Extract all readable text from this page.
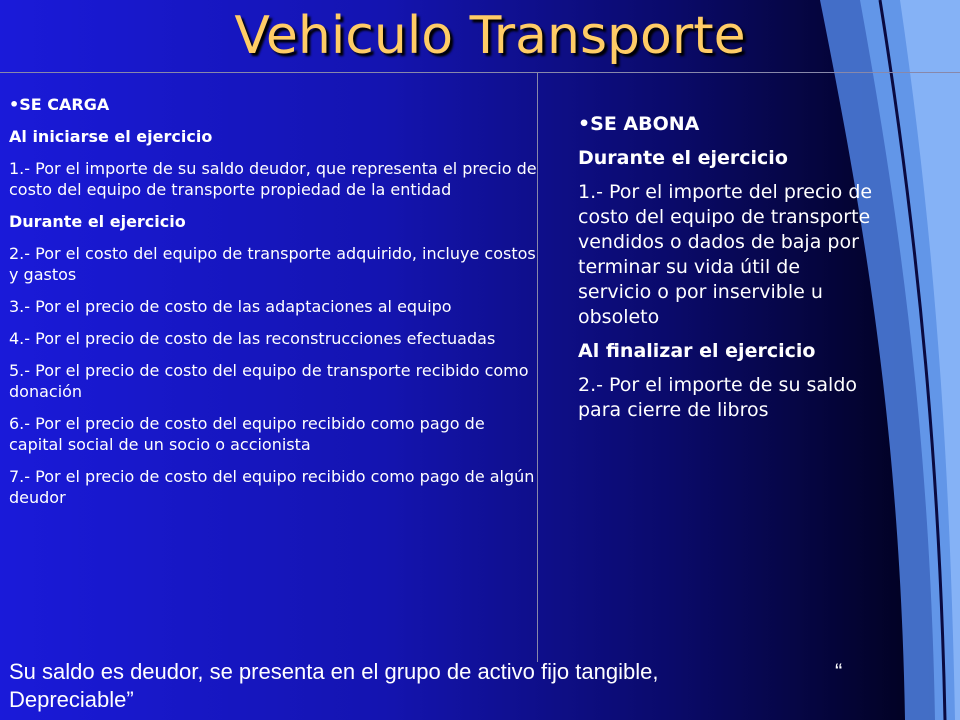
Vehiculo Transporte

• SE CARGA

Al iniciarse el ejercicio

1.- Por el importe de su saldo deudor, que representa el precio de costo del equipo de transporte propiedad de la entidad

Durante el ejercicio

2.- Por el costo del equipo de transporte adquirido, incluye costos y gastos

3.- Por el precio de costo de las adaptaciones al equipo

4.- Por el precio de costo de las reconstrucciones efectuadas

5.- Por el precio de costo del equipo de transporte recibido como donación

6.- Por el precio de costo del equipo recibido como pago de capital social de un socio o accionista

7.- Por el precio de costo del equipo recibido como pago de algún deudor

• SE ABONA

Durante el ejercicio

1.- Por el importe del precio de costo del equipo de transporte vendidos o dados de baja por terminar su vida útil de servicio o por inservible u obsoleto

Al finalizar el ejercicio

2.- Por el importe de su saldo para cierre de libros

Su saldo es deudor, se presenta en el grupo de activo fijo tangible,	“
Depreciable”
